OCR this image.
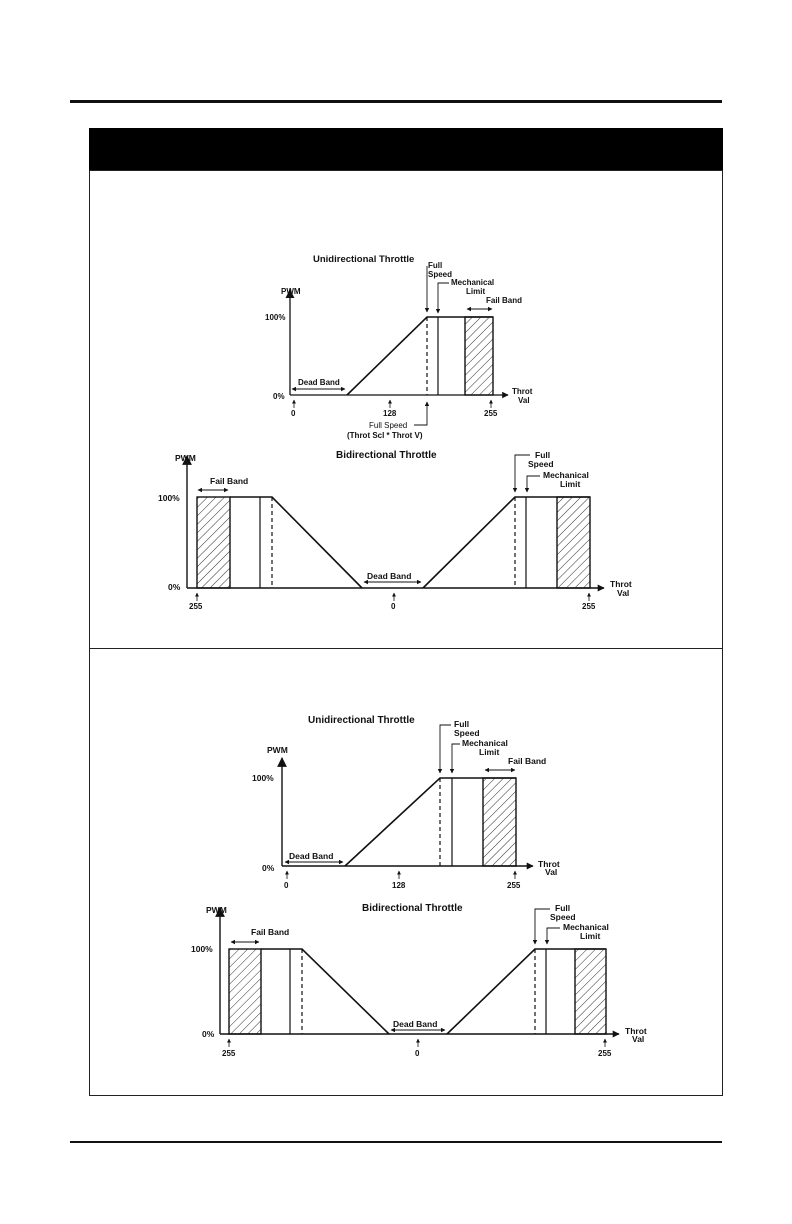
Unidirectional Throttle
PWM
100%
0%
Throt
Val
Dead Band
Full
Speed
Mechanical
Limit
Fail Band
0	128	255
Full Speed
(Throt Scl * Throt V)
Bidirectional Throttle
PWM
100%
0%	Throt
Val
Fail Band
Dead Band
Full
Speed
Mechanical
Limit
255	0	255
Unidirectional Throttle
PWM
100%
0%	Throt
Val
Dead Band
Full
Speed
Mechanical
Limit
Fail Band
0	128	255
Bidirectional Throttle
PWM
100%
0%	Throt
Val
Fail Band
Dead Band
Full
Speed
Mechanical
Limit
255	0	255
